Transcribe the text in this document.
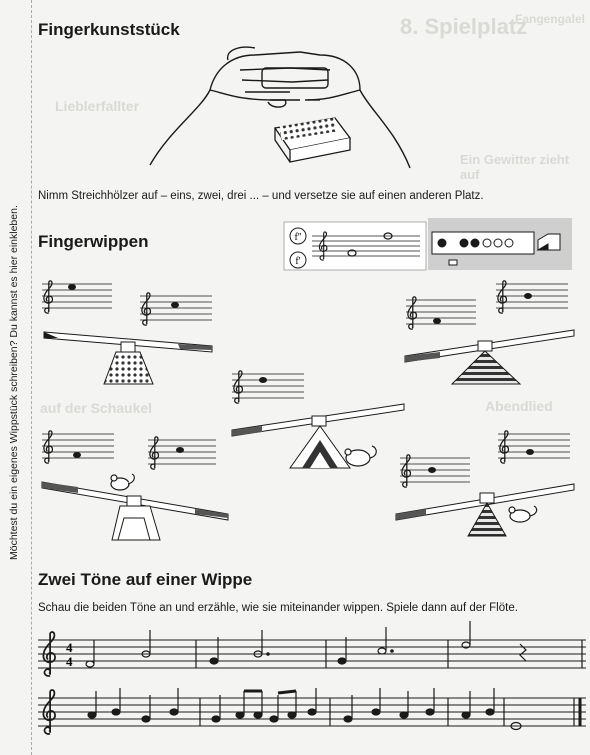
8. Spielplatz
Fangengalel
Lieblerfallter
Ein Gewitter zieht auf
auf der Schaukel	Abendlied
Möchtest du ein eigenes Wippstück schreiben? Du kannst es hier einkleben.
Fingerkunststück
Nimm Streichhölzer auf – eins, zwei, drei ... – und versetze sie auf einen anderen Platz.
Fingerwippen
Zwei Töne auf einer Wippe
Schau die beiden Töne an und erzähle, wie sie miteinander wippen. Spiele dann auf der Flöte.
f''
f'
4
4
